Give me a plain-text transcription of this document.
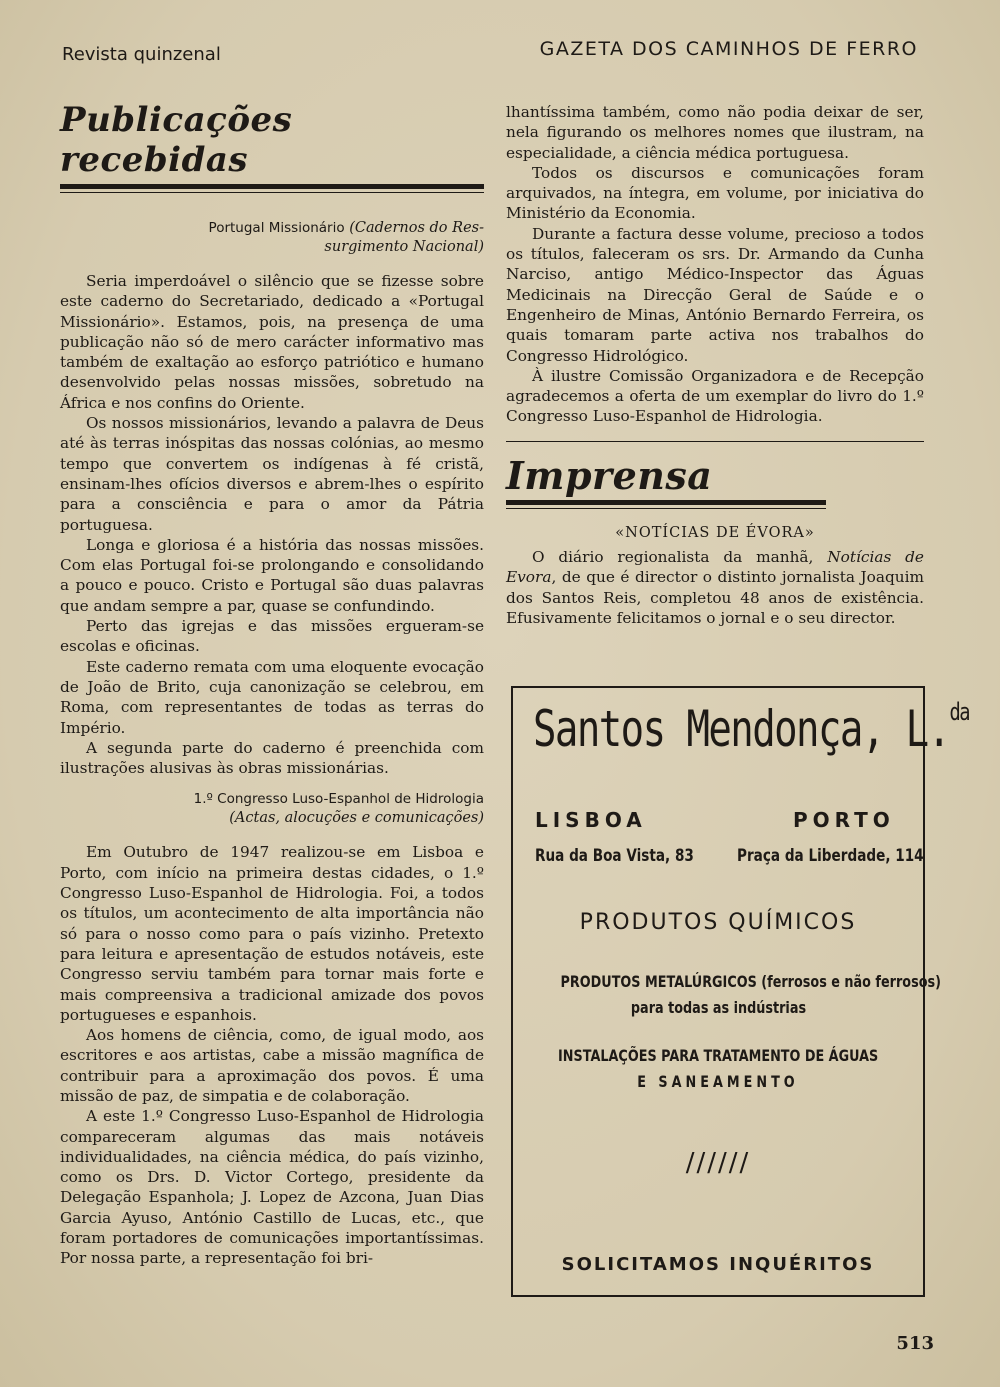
Revista quinzenal	GAZETA DOS CAMINHOS DE FERRO
Publicações recebidas
Portugal Missionário (Cadernos do Res-
surgimento Nacional)

Seria imperdoável o silêncio que se fizesse sobre este caderno do Secretariado, dedicado a «Portugal Missionário». Estamos, pois, na presença de uma publicação não só de mero carácter informativo mas também de exaltação ao esforço patriótico e humano desenvolvido pelas nossas missões, sobretudo na África e nos confins do Oriente.

Os nossos missionários, levando a palavra de Deus até às terras inóspitas das nossas colónias, ao mesmo tempo que convertem os indígenas à fé cristã, ensinam-lhes ofícios diversos e abrem-lhes o espírito para a consciência e para o amor da Pátria portuguesa.

Longa e gloriosa é a história das nossas missões. Com elas Portugal foi-se prolongando e consolidando a pouco e pouco. Cristo e Portugal são duas palavras que andam sempre a par, quase se confundindo.

Perto das igrejas e das missões ergueram-se escolas e oficinas.

Este caderno remata com uma eloquente evocação de João de Brito, cuja canonização se celebrou, em Roma, com representantes de todas as terras do Império.

A segunda parte do caderno é preenchida com ilustrações alusivas às obras missionárias.

1.º Congresso Luso-Espanhol de Hidrologia
(Actas, alocuções e comunicações)

Em Outubro de 1947 realizou-se em Lisboa e Porto, com início na primeira destas cidades, o 1.º Congresso Luso-Espanhol de Hidrologia. Foi, a todos os títulos, um acontecimento de alta importância não só para o nosso como para o país vizinho. Pretexto para leitura e apresentação de estudos notáveis, este Congresso serviu também para tornar mais forte e mais compreensiva a tradicional amizade dos povos portugueses e espanhois.

Aos homens de ciência, como, de igual modo, aos escritores e aos artistas, cabe a missão magnífica de contribuir para a aproximação dos povos. É uma missão de paz, de simpatia e de colaboração.

A este 1.º Congresso Luso-Espanhol de Hidrologia compareceram algumas das mais notáveis individualidades, na ciência médica, do país vizinho, como os Drs. D. Victor Cortego, presidente da Delegação Espanhola; J. Lopez de Azcona, Juan Dias Garcia Ayuso, António Castillo de Lucas, etc., que foram portadores de comunicações importantíssimas. Por nossa parte, a representação foi bri-

lhantíssima também, como não podia deixar de ser, nela figurando os melhores nomes que ilustram, na especialidade, a ciência médica portuguesa.

Todos os discursos e comunicações foram arquivados, na íntegra, em volume, por iniciativa do Ministério da Economia.

Durante a factura desse volume, precioso a todos os títulos, faleceram os srs. Dr. Armando da Cunha Narciso, antigo Médico-Inspector das Águas Medicinais na Direcção Geral de Saúde e o Engenheiro de Minas, António Bernardo Ferreira, os quais tomaram parte activa nos trabalhos do Congresso Hidrológico.

À ilustre Comissão Organizadora e de Recepção agradecemos a oferta de um exemplar do livro do 1.º Congresso Luso-Espanhol de Hidrologia.

Imprensa
«NOTÍCIAS DE ÉVORA»

O diário regionalista da manhã, Notícias de Evora, de que é director o distinto jornalista Joaquim dos Santos Reis, completou 48 anos de existência. Efusivamente felicitamos o jornal e o seu director.

Santos Mendonça, L.$^{da}$
LISBOA	PORTO
Rua da Boa Vista, 83	Praça da Liberdade, 114
PRODUTOS QUÍMICOS
PRODUTOS METALÚRGICOS (ferrosos e não ferrosos)
para todas as indústrias
INSTALAÇÕES PARA TRATAMENTO DE ÁGUAS
E SANEAMENTO
//////
SOLICITAMOS INQUÉRITOS
513
